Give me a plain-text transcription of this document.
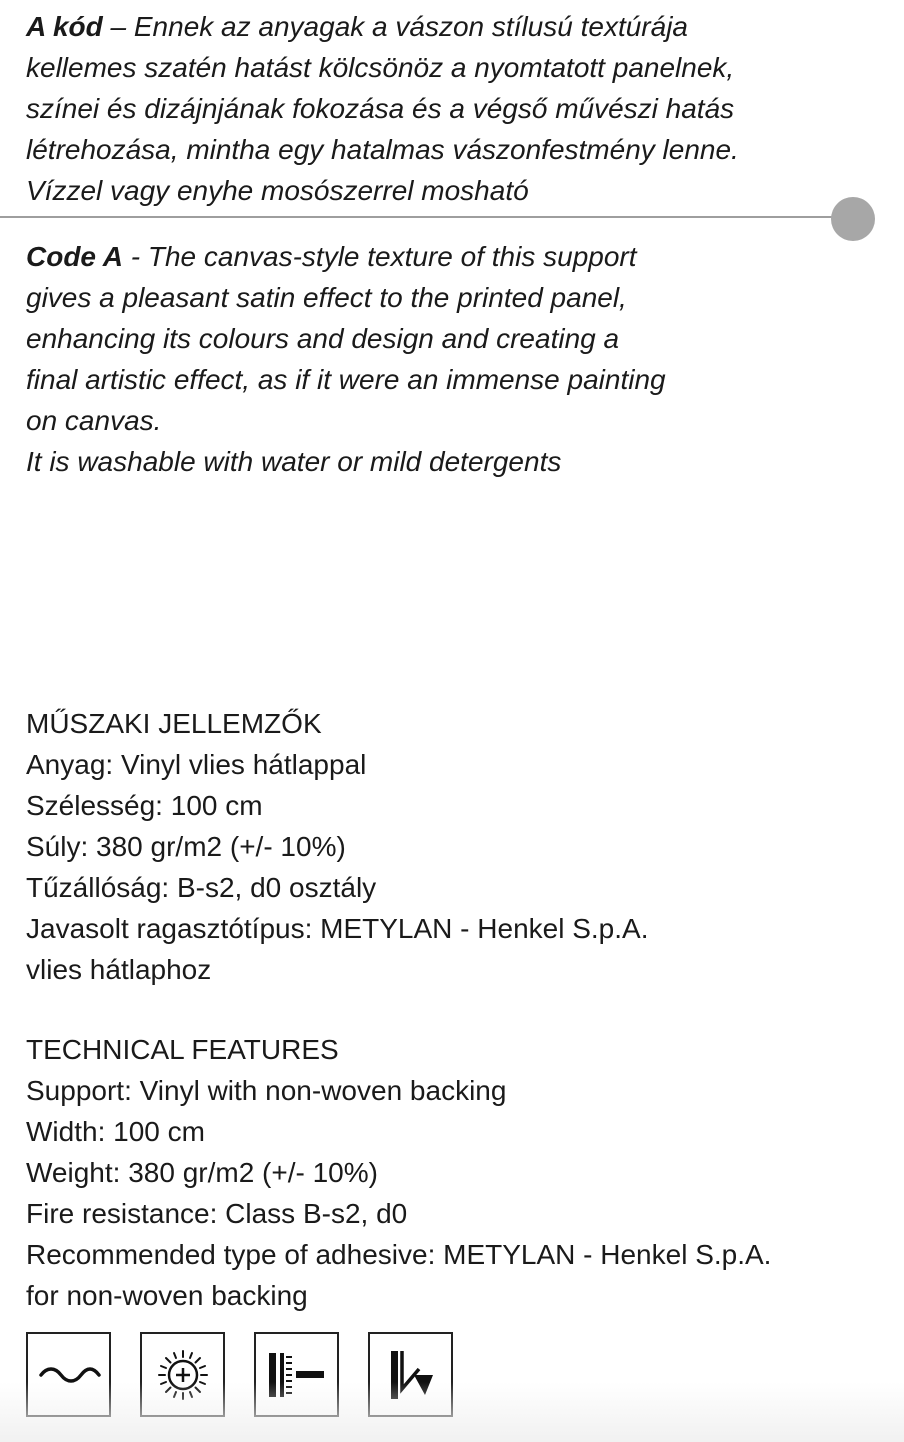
A kód – Ennek az anyagak a vászon stílusú textúrája
kellemes szatén hatást kölcsönöz a nyomtatott panelnek,
színei és dizájnjának fokozása és a végső művészi hatás
létrehozása, mintha egy hatalmas vászonfestmény lenne.
Vízzel vagy enyhe mosószerrel mosható
Code A - The canvas-style texture of this support
gives a pleasant satin effect to the printed panel,
enhancing its colours and design and creating a
final artistic effect, as if it were an immense painting
on canvas.
It is washable with water or mild detergents
MŰSZAKI JELLEMZŐK
Anyag: Vinyl vlies hátlappal
Szélesség: 100 cm
Súly: 380 gr/m2 (+/- 10%)
Tűzállóság: B-s2, d0 osztály
Javasolt ragasztótípus: METYLAN - Henkel S.p.A.
vlies hátlaphoz
TECHNICAL FEATURES
Support: Vinyl with non-woven backing
Width: 100 cm
Weight: 380 gr/m2 (+/- 10%)
Fire resistance: Class B-s2, d0
Recommended type of adhesive: METYLAN - Henkel S.p.A.
for non-woven backing
